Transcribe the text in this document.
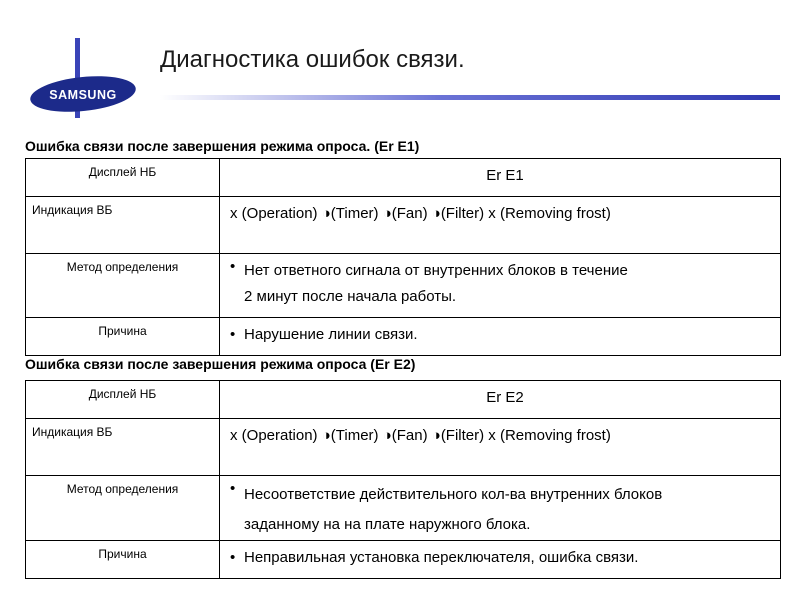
SAMSUNG
Диагностика ошибок связи.
Ошибка связи после завершения режима опроса. (Er E1)
Дисплей НБ	Er E1
Индикация ВБ	x (Operation) ◑(Timer) ◑(Fan) ◑(Filter) x (Removing frost)
Метод определения	• Нет ответного сигнала от внутренних блоков в течение
2 минут после начала работы.

Причина	• Нарушение линии связи.
Ошибка связи после завершения режима опроса (Er E2)
Дисплей НБ	Er E2
Индикация ВБ	x (Operation) ◑(Timer) ◑(Fan) ◑(Filter) x (Removing frost)
Метод определения	• Несоответствие действительного кол-ва внутренних блоков
заданному на на плате наружного блока.

Причина	• Неправильная установка переключателя, ошибка связи.
